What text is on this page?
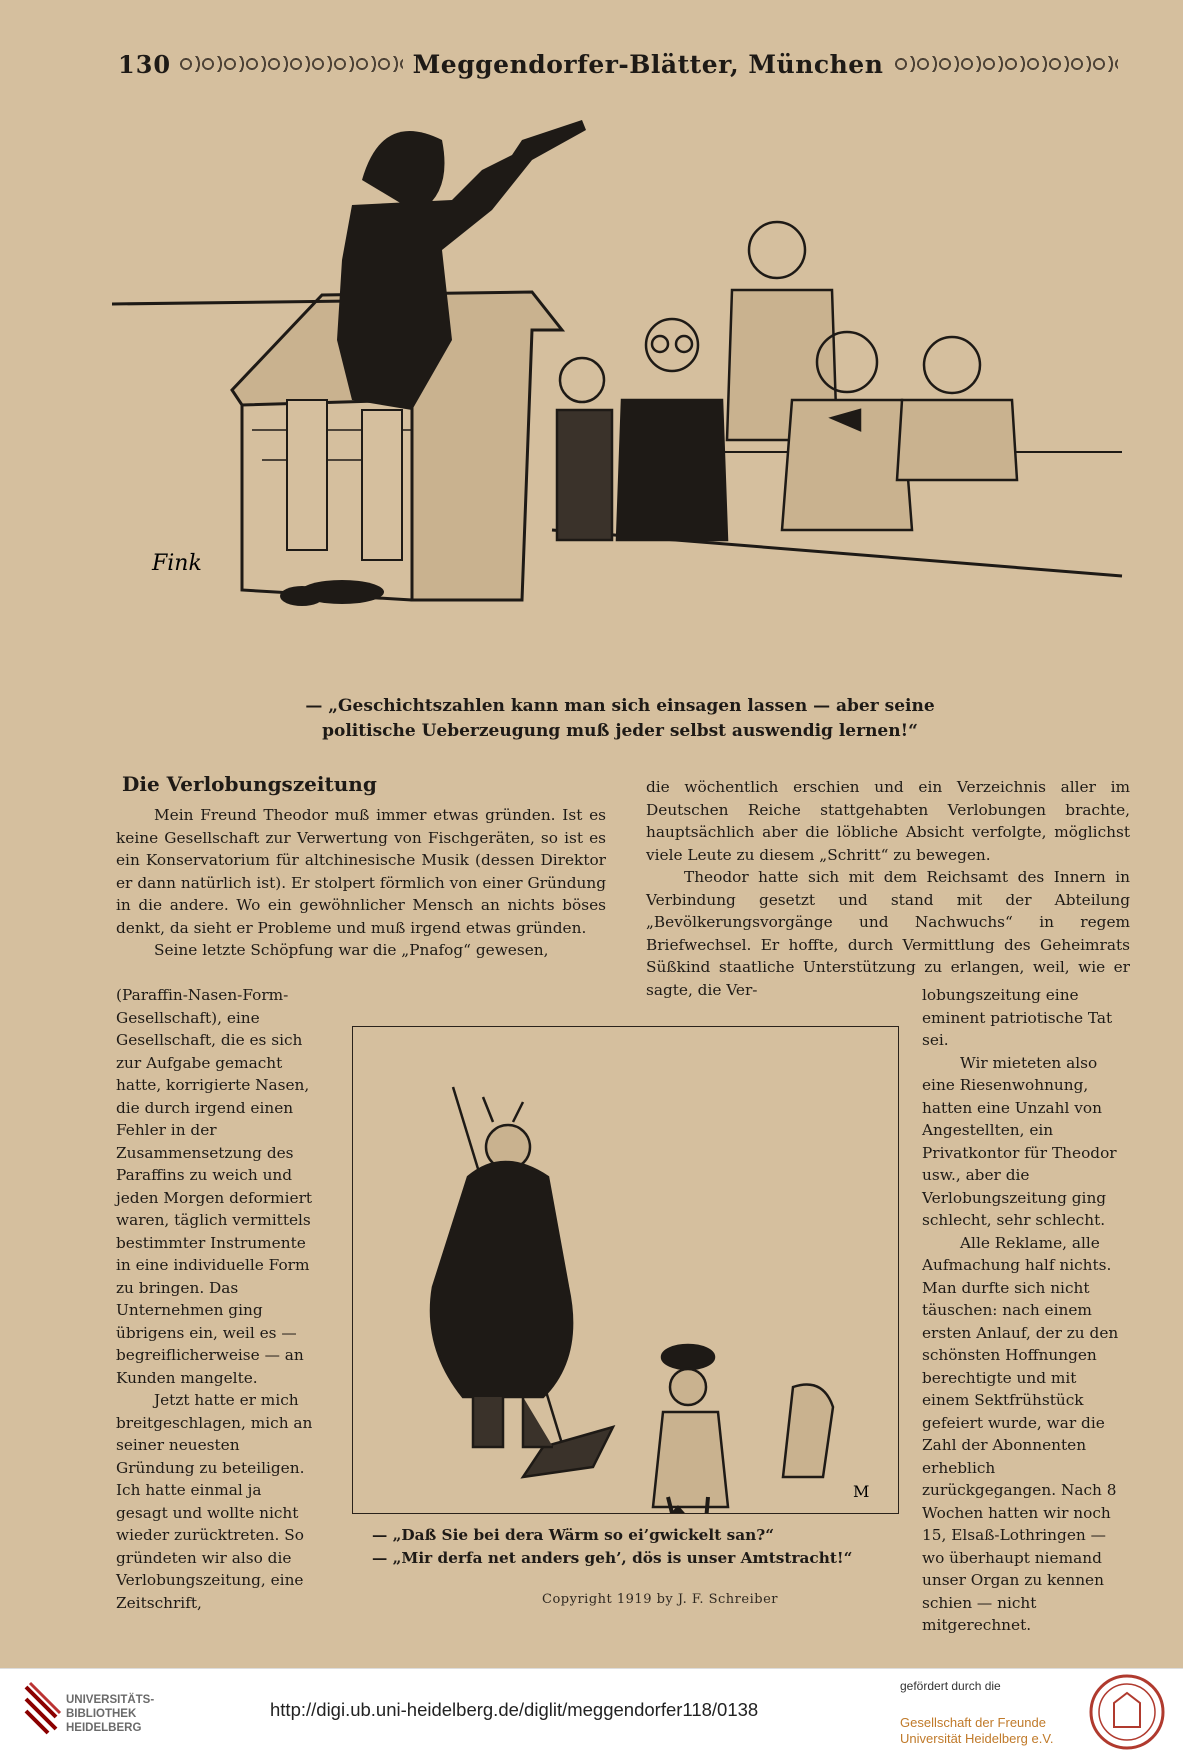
130	Meggendorfer-Blätter, München
Fink
— „Geschichtszahlen kann man sich einsagen lassen — aber seine
politische Ueberzeugung muß jeder selbst auswendig lernen!“
Die Verlobungszeitung

Mein Freund Theodor muß immer etwas gründen. Ist es keine Gesellschaft zur Verwertung von Fischgeräten, so ist es ein Konservatorium für altchinesische Musik (dessen Direktor er dann natürlich ist). Er stolpert förmlich von einer Gründung in die andere. Wo ein gewöhnlicher Mensch an nichts böses denkt, da sieht er Probleme und muß irgend etwas gründen.

Seine letzte Schöpfung war die „Pnafog“ gewesen,

die wöchentlich erschien und ein Verzeichnis aller im Deutschen Reiche stattgehabten Verlobungen brachte, hauptsächlich aber die löbliche Absicht verfolgte, möglichst viele Leute zu diesem „Schritt“ zu bewegen.

Theodor hatte sich mit dem Reichsamt des Innern in Verbindung gesetzt und stand mit der Abteilung „Bevölkerungsvorgänge und Nachwuchs“ in regem Briefwechsel. Er hoffte, durch Vermittlung des Geheimrats Süßkind staatliche Unterstützung zu erlangen, weil, wie er sagte, die Ver-

(Paraffin-Nasen-Form-Gesellschaft), eine Gesellschaft, die es sich zur Aufgabe gemacht hatte, korrigierte Nasen, die durch irgend einen Fehler in der Zusammensetzung des Paraffins zu weich und jeden Morgen deformiert waren, täglich vermittels bestimmter Instrumente in eine individuelle Form zu bringen. Das Unternehmen ging übrigens ein, weil es — begreiflicherweise — an Kunden mangelte.

Jetzt hatte er mich breitgeschlagen, mich an seiner neuesten Gründung zu beteiligen. Ich hatte einmal ja gesagt und wollte nicht wieder zurücktreten. So gründeten wir also die Verlobungszeitung, eine Zeitschrift,

lobungszeitung eine eminent patriotische Tat sei.

Wir mieteten also eine Riesenwohnung, hatten eine Unzahl von Angestellten, ein Privatkontor für Theodor usw., aber die Verlobungszeitung ging schlecht, sehr schlecht.

Alle Reklame, alle Aufmachung half nichts. Man durfte sich nicht täuschen: nach einem ersten Anlauf, der zu den schönsten Hoffnungen berechtigte und mit einem Sektfrühstück gefeiert wurde, war die Zahl der Abonnenten erheblich zurückgegangen. Nach 8 Wochen hatten wir noch 15, Elsaß-Lothringen — wo überhaupt niemand unser Organ zu kennen schien — nicht mitgerechnet.

M
— „Daß Sie bei dera Wärm so ei’gwickelt san?“
— „Mir derfa net anders geh’, dös is unser Amtstracht!“
Copyright 1919 by J. F. Schreiber
UNIVERSITÄTS-
BIBLIOTHEK
HEIDELBERG
http://digi.ub.uni-heidelberg.de/diglit/meggendorfer118/0138
gefördert durch die
Gesellschaft der Freunde
Universität Heidelberg e.V.
